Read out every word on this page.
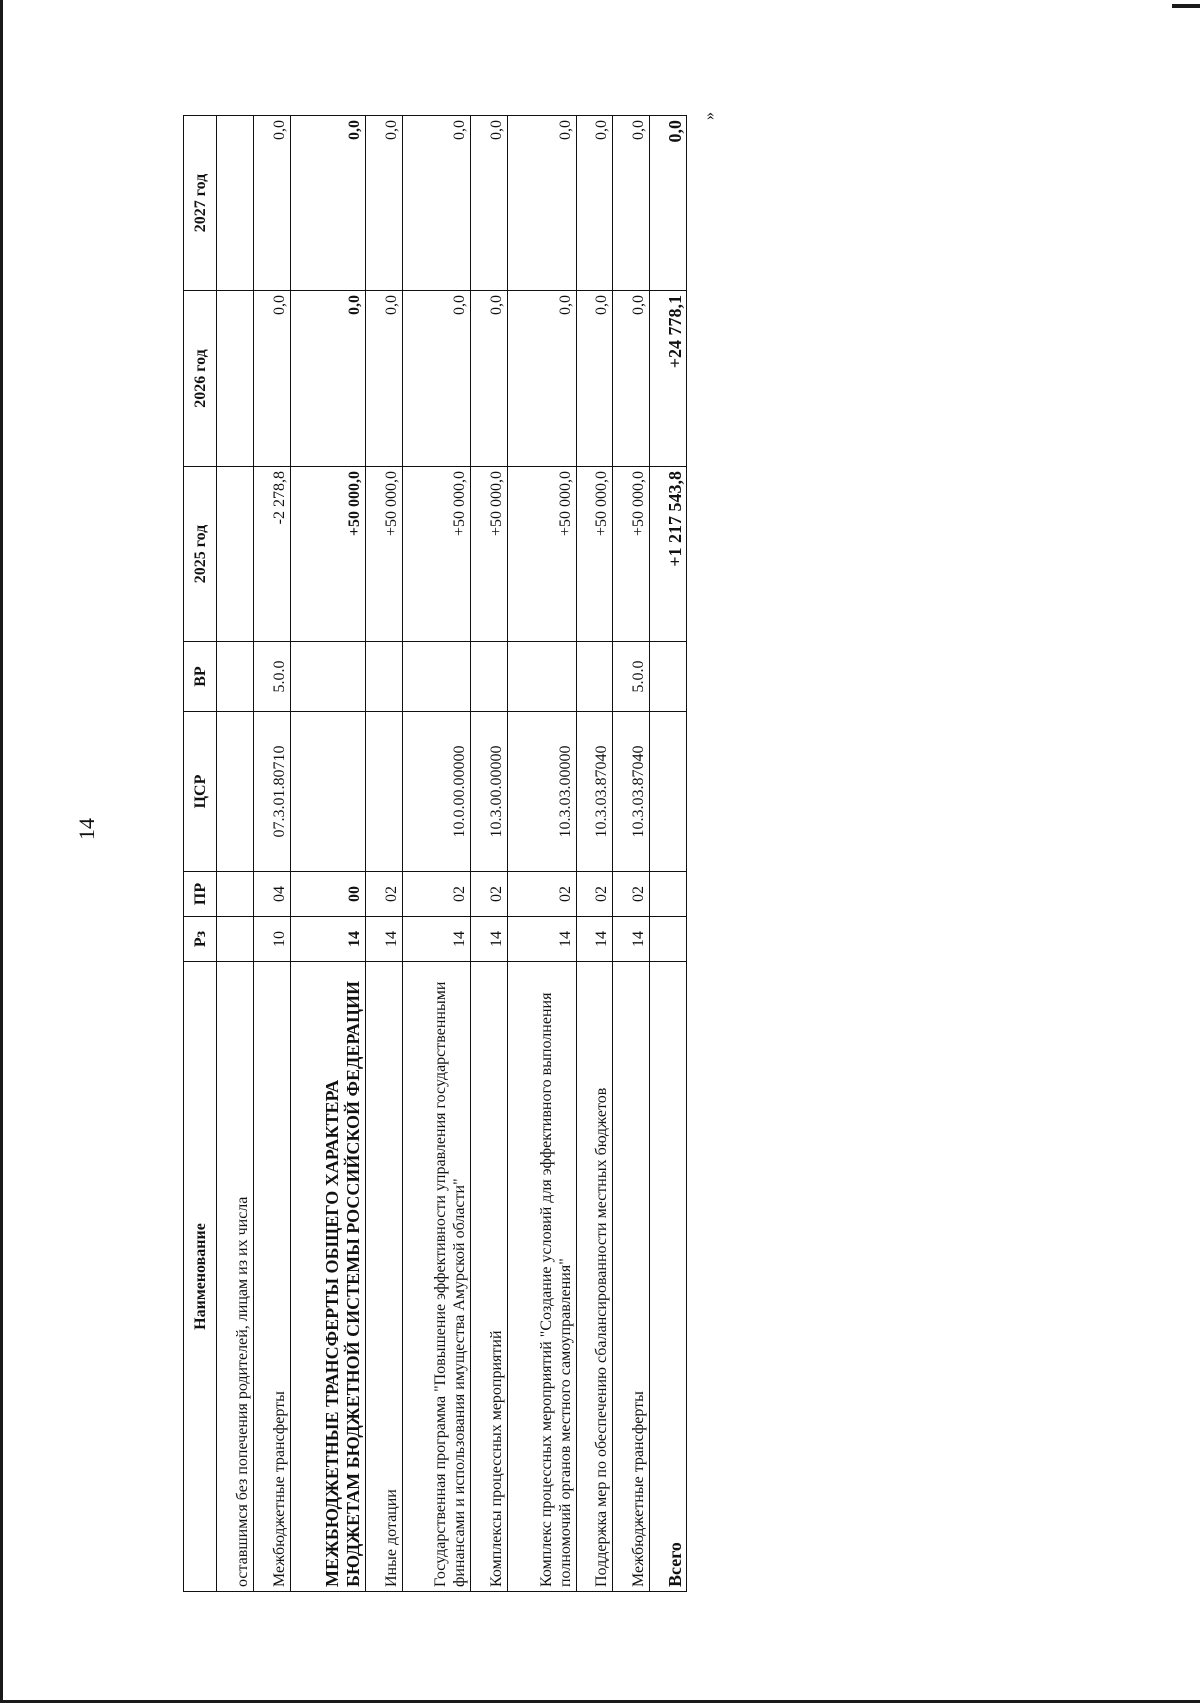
14
»
Наименование	Рз	ПР	ЦСР	ВР	2025 год	2026 год	2027 год
оставшимся без попечения родителей, лицам из их числа							
Межбюджетные трансферты	10	04	07.3.01.80710	5.0.0	-2 278,8	0,0	0,0
МЕЖБЮДЖЕТНЫЕ ТРАНСФЕРТЫ ОБЩЕГО ХАРАКТЕРА БЮДЖЕТАМ БЮДЖЕТНОЙ СИСТЕМЫ РОССИЙСКОЙ ФЕДЕРАЦИИ	14	00			+50 000,0	0,0	0,0
Иные дотации	14	02			+50 000,0	0,0	0,0
Государственная программа "Повышение эффективности управления государственными финансами и использования имущества Амурской области"	14	02	10.0.00.00000		+50 000,0	0,0	0,0
Комплексы процессных мероприятий	14	02	10.3.00.00000		+50 000,0	0,0	0,0
Комплекс процессных мероприятий "Создание условий для эффективного выполнения полномочий органов местного самоуправления"	14	02	10.3.03.00000		+50 000,0	0,0	0,0
Поддержка мер по обеспечению сбалансированности местных бюджетов	14	02	10.3.03.87040		+50 000,0	0,0	0,0
Межбюджетные трансферты	14	02	10.3.03.87040	5.0.0	+50 000,0	0,0	0,0
Всего					+1 217 543,8	+24 778,1	0,0
